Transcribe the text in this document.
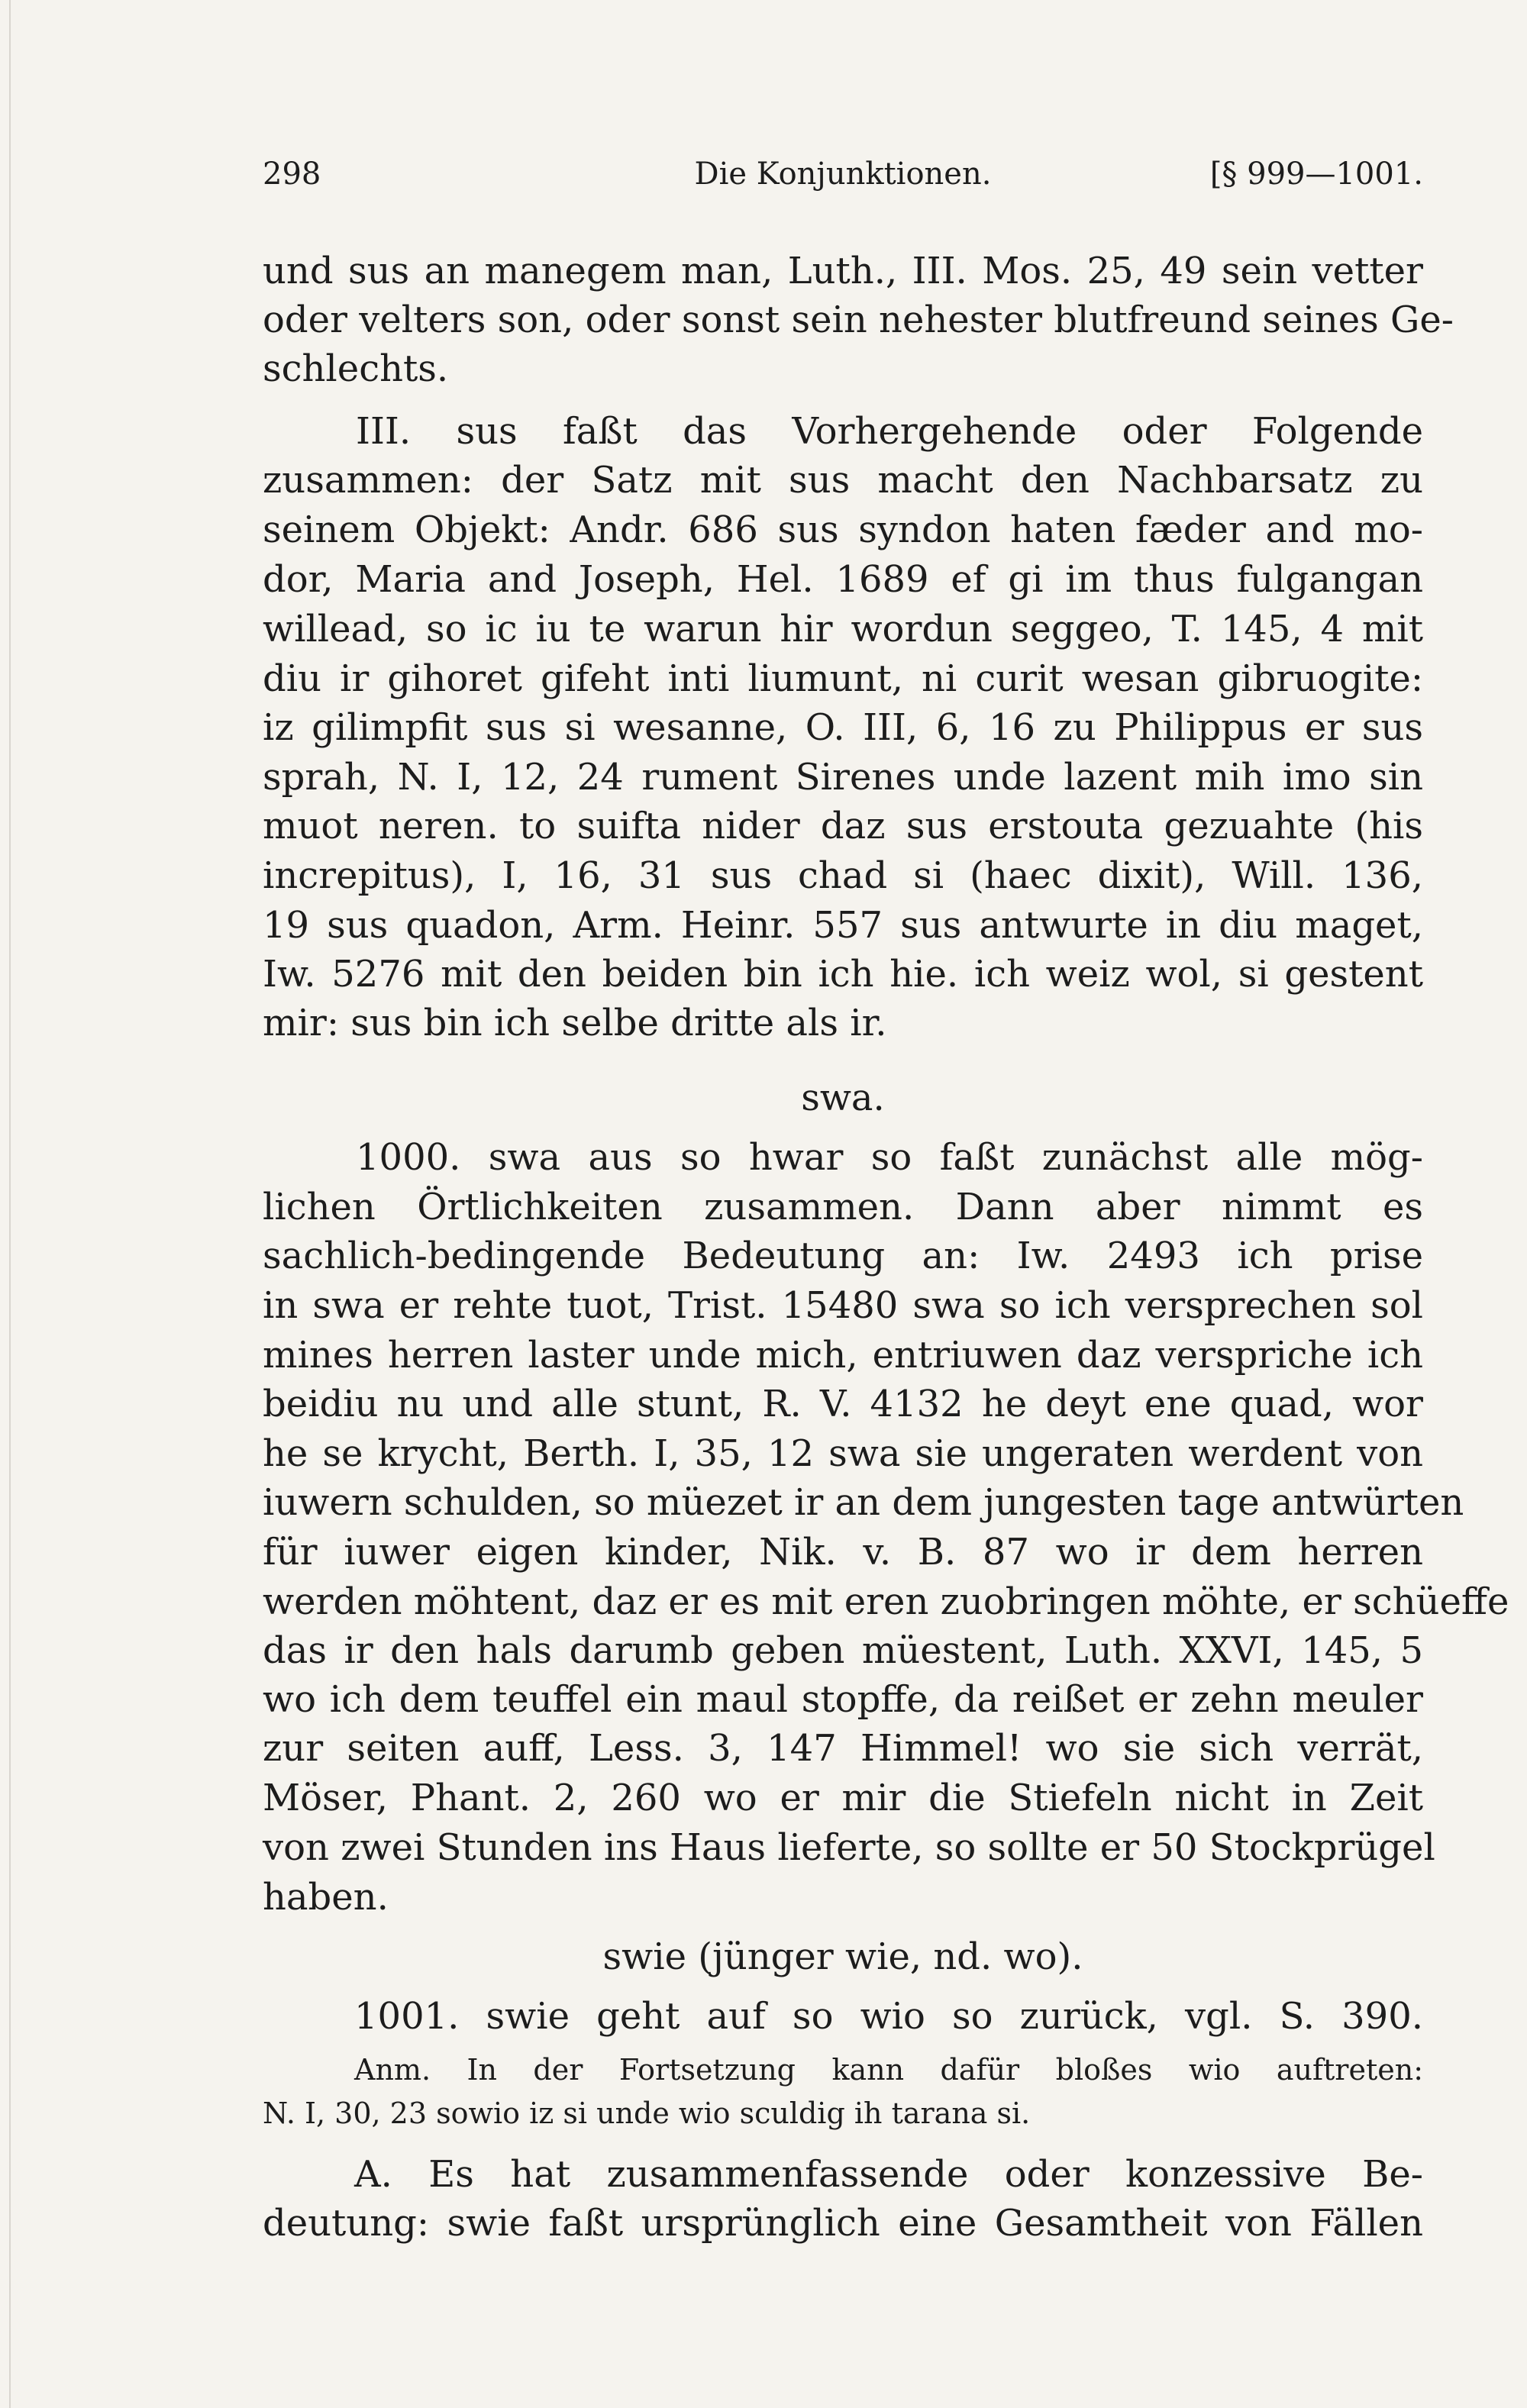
298	Die Konjunktionen.	[§ 999—1001.
und sus an manegem man, Luth., III. Mos. 25, 49 sein vetter
oder velters son, oder sonst sein nehester blutfreund seines Ge-
schlechts.
III. sus faßt das Vorhergehende oder Folgende
zusammen: der Satz mit sus macht den Nachbarsatz zu
seinem Objekt: Andr. 686 sus syndon haten fæder and mo-
dor, Maria and Joseph, Hel. 1689 ef gi im thus fulgangan
willead, so ic iu te warun hir wordun seggeo, T. 145, 4 mit
diu ir gihoret gifeht inti liumunt, ni curit wesan gibruogite:
iz gilimpfit sus si wesanne, O. III, 6, 16 zu Philippus er sus
sprah, N. I, 12, 24 rument Sirenes unde lazent mih imo sin
muot neren. to suifta nider daz sus erstouta gezuahte (his
increpitus), I, 16, 31 sus chad si (haec dixit), Will. 136,
19 sus quadon, Arm. Heinr. 557 sus antwurte in diu maget,
Iw. 5276 mit den beiden bin ich hie. ich weiz wol, si gestent
mir: sus bin ich selbe dritte als ir.
swa.
1000. swa aus so hwar so faßt zunächst alle mög-
lichen Örtlichkeiten zusammen. Dann aber nimmt es
sachlich-bedingende Bedeutung an: Iw. 2493 ich prise
in swa er rehte tuot, Trist. 15480 swa so ich versprechen sol
mines herren laster unde mich, entriuwen daz verspriche ich
beidiu nu und alle stunt, R. V. 4132 he deyt ene quad, wor
he se krycht, Berth. I, 35, 12 swa sie ungeraten werdent von
iuwern schulden, so müezet ir an dem jungesten tage antwürten
für iuwer eigen kinder, Nik. v. B. 87 wo ir dem herren
werden möhtent, daz er es mit eren zuobringen möhte, er schüeffe
das ir den hals darumb geben müestent, Luth. XXVI, 145, 5
wo ich dem teuffel ein maul stopffe, da reißet er zehn meuler
zur seiten auff, Less. 3, 147 Himmel! wo sie sich verrät,
Möser, Phant. 2, 260 wo er mir die Stiefeln nicht in Zeit
von zwei Stunden ins Haus lieferte, so sollte er 50 Stockprügel
haben.
swie (jünger wie, nd. wo).
1001. swie geht auf so wio so zurück, vgl. S. 390.
Anm. In der Fortsetzung kann dafür bloßes wio auftreten:
N. I, 30, 23 sowio iz si unde wio sculdig ih tarana si.
A. Es hat zusammenfassende oder konzessive Be-
deutung: swie faßt ursprünglich eine Gesamtheit von Fällen
